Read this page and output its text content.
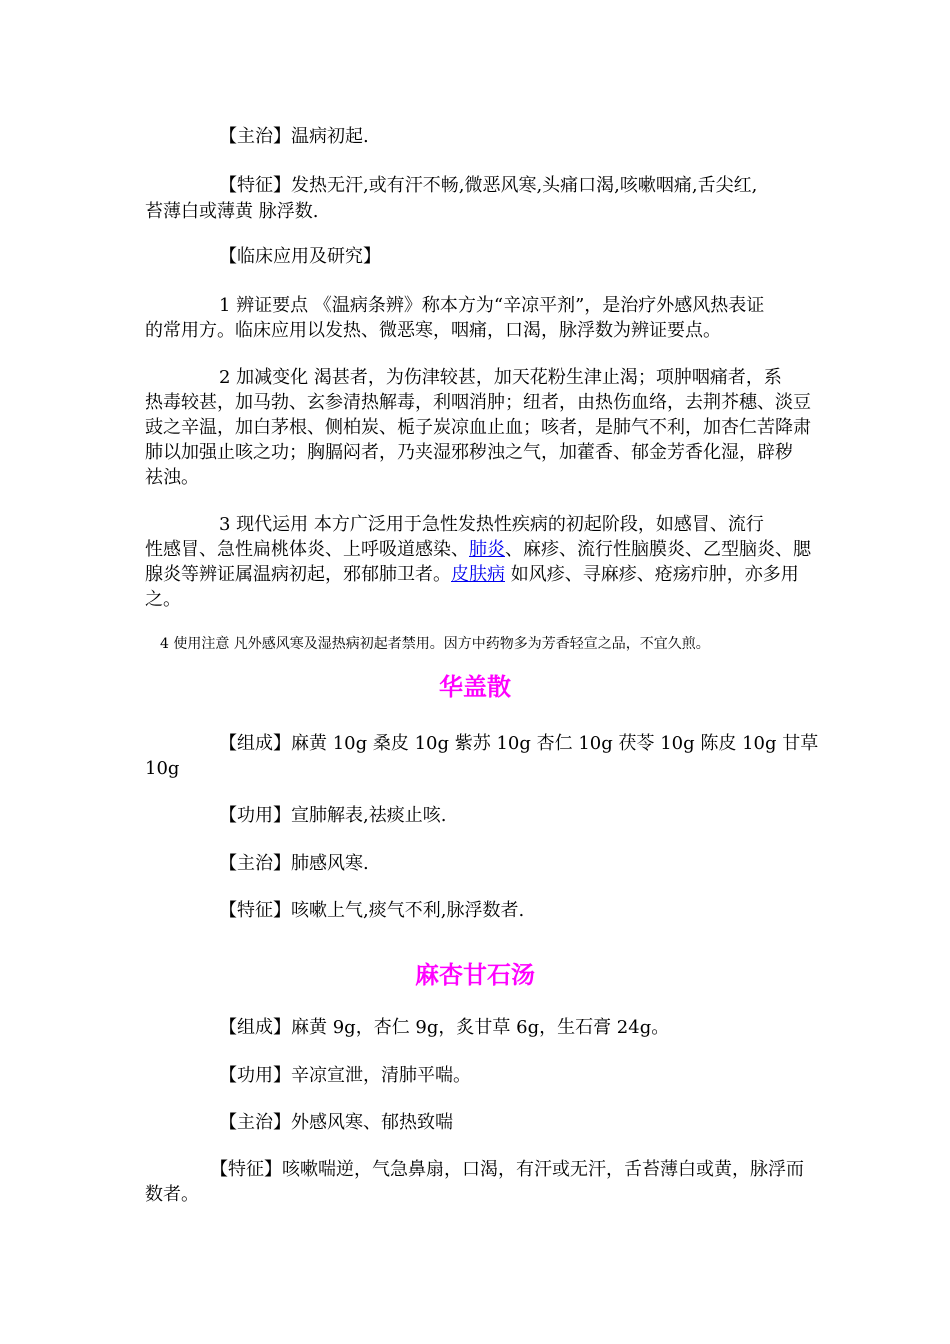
【主治】温病初起.

【特征】发热无汗,或有汗不畅,微恶风寒,头痛口渴,咳嗽咽痛,舌尖红,

苔薄白或薄黄 脉浮数.

【临床应用及研究】

1 辨证要点 《温病条辨》称本方为“辛凉平剂”，是治疗外感风热表证

的常用方。临床应用以发热、微恶寒，咽痛，口渴，脉浮数为辨证要点。

2 加减变化 渴甚者，为伤津较甚，加天花粉生津止渴；项肿咽痛者，系

热毒较甚，加马勃、玄参清热解毒，利咽消肿；纽者，由热伤血络，去荆芥穗、淡豆

豉之辛温，加白茅根、侧柏炭、栀子炭凉血止血；咳者，是肺气不利，加杏仁苦降肃

肺以加强止咳之功；胸膈闷者，乃夹湿邪秽浊之气，加藿香、郁金芳香化湿，辟秽

祛浊。

3 现代运用 本方广泛用于急性发热性疾病的初起阶段，如感冒、流行

性感冒、急性扁桃体炎、上呼吸道感染、肺炎、麻疹、流行性脑膜炎、乙型脑炎、腮

腺炎等辨证属温病初起，邪郁肺卫者。皮肤病 如风疹、寻麻疹、疮疡疖肿，亦多用

之。

4 使用注意 凡外感风寒及湿热病初起者禁用。因方中药物多为芳香轻宣之品，不宜久煎。

华盖散

【组成】麻黄 10g 桑皮 10g 紫苏 10g 杏仁 10g 茯苓 10g 陈皮 10g 甘草

10g

【功用】宣肺解表,祛痰止咳.

【主治】肺感风寒.

【特征】咳嗽上气,痰气不利,脉浮数者.

麻杏甘石汤

【组成】麻黄 9g，杏仁 9g，炙甘草 6g，生石膏 24g。

【功用】辛凉宣泄，清肺平喘。

【主治】外感风寒、郁热致喘

【特征】咳嗽喘逆，气急鼻扇，口渴，有汗或无汗，舌苔薄白或黄，脉浮而

数者。
